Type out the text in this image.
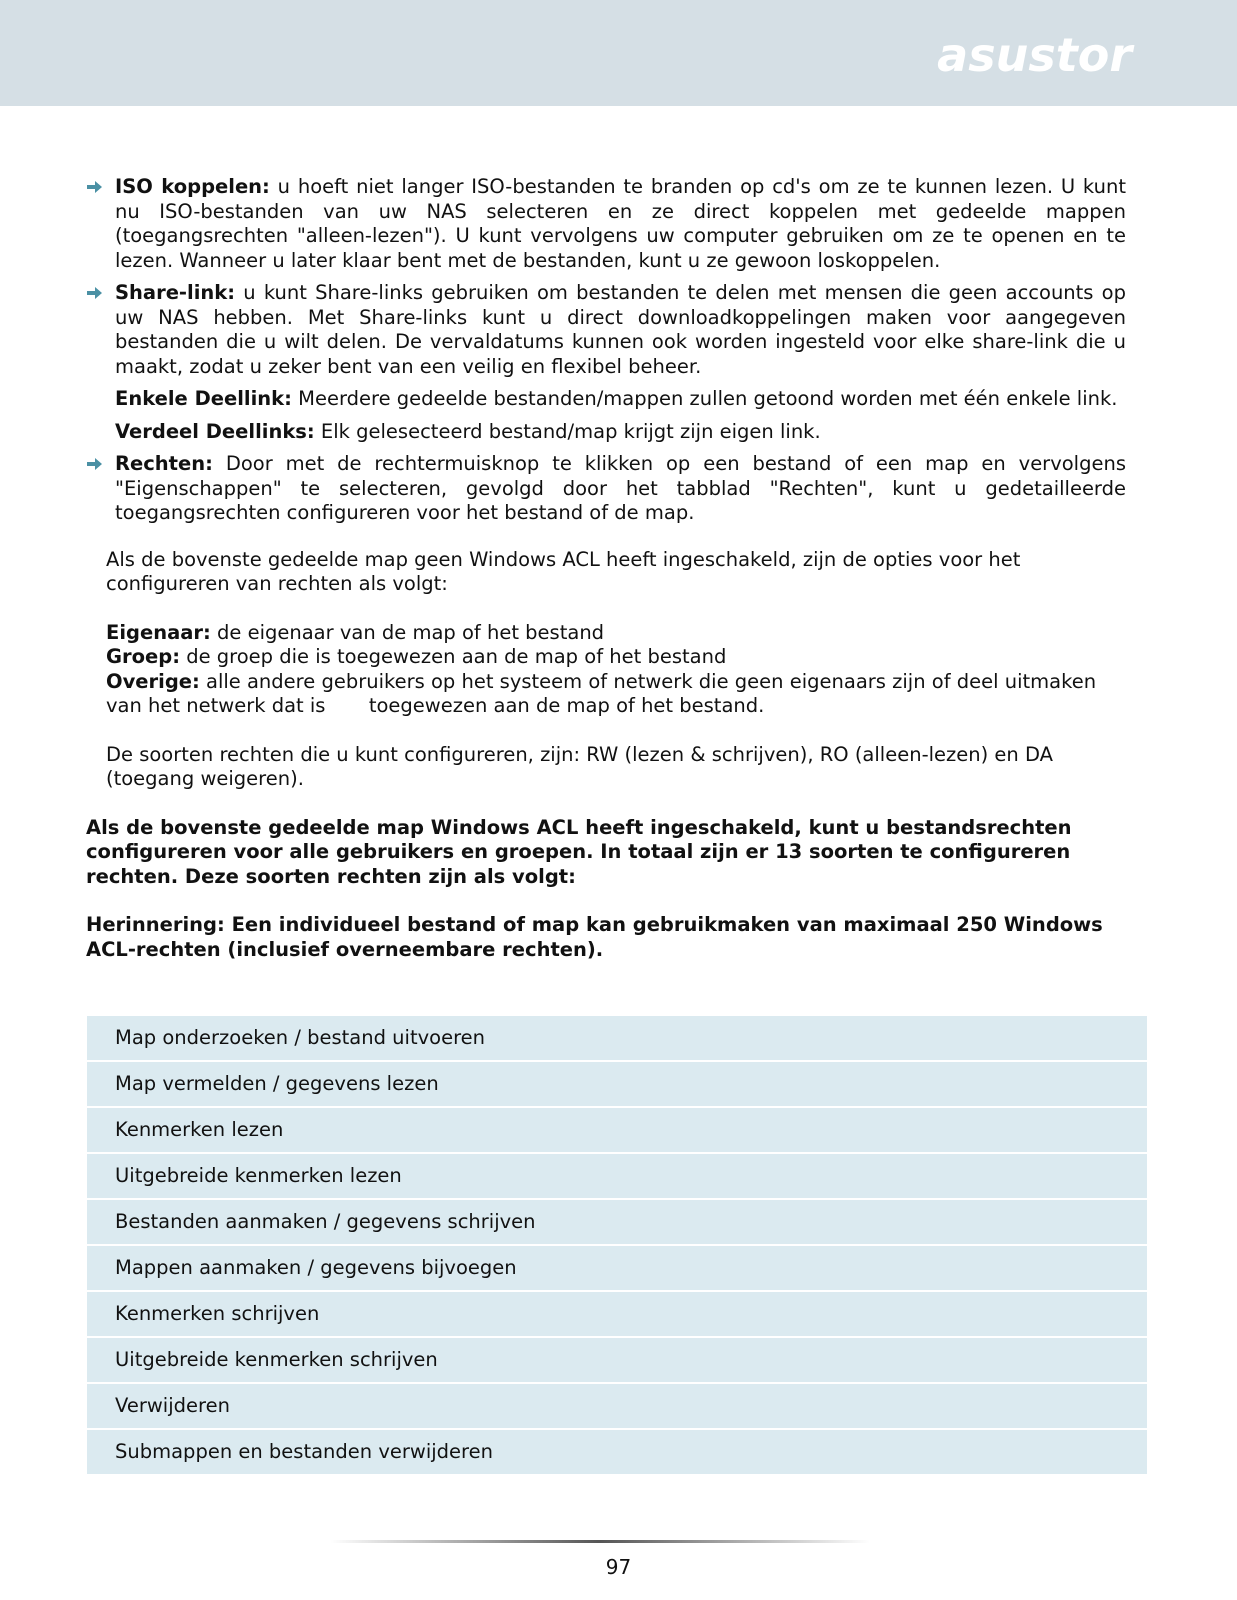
asustor
ISO koppelen: u hoeft niet langer ISO-bestanden te branden op cd's om ze te kunnen lezen. U kunt nu ISO-bestanden van uw NAS selecteren en ze direct koppelen met gedeelde mappen (toegangsrechten "alleen-lezen"). U kunt vervolgens uw computer gebruiken om ze te openen en te lezen. Wanneer u later klaar bent met de bestanden, kunt u ze gewoon loskoppelen.
Share-link: u kunt Share-links gebruiken om bestanden te delen met mensen die geen accounts op uw NAS hebben. Met Share-links kunt u direct downloadkoppelingen maken voor aangegeven bestanden die u wilt delen. De vervaldatums kunnen ook worden ingesteld voor elke share-link die u maakt, zodat u zeker bent van een veilig en flexibel beheer.
Enkele Deellink: Meerdere gedeelde bestanden/mappen zullen getoond worden met één enkele link.
Verdeel Deellinks: Elk gelesecteerd bestand/map krijgt zijn eigen link.
Rechten: Door met de rechtermuisknop te klikken op een bestand of een map en vervolgens "Eigenschappen" te selecteren, gevolgd door het tabblad "Rechten", kunt u gedetailleerde toegangsrechten configureren voor het bestand of de map.
Als de bovenste gedeelde map geen Windows ACL heeft ingeschakeld, zijn de opties voor het configureren van rechten als volgt:
Eigenaar: de eigenaar van de map of het bestand
Groep: de groep die is toegewezen aan de map of het bestand
Overige: alle andere gebruikers op het systeem of netwerk die geen eigenaars zijn of deel uitmaken van het netwerk dat is       toegewezen aan de map of het bestand.
De soorten rechten die u kunt configureren, zijn: RW (lezen & schrijven), RO (alleen-lezen) en DA (toegang weigeren).
Als de bovenste gedeelde map Windows ACL heeft ingeschakeld, kunt u bestandsrechten configureren voor alle gebruikers en groepen. In totaal zijn er 13 soorten te configureren rechten. Deze soorten rechten zijn als volgt:
Herinnering: Een individueel bestand of map kan gebruikmaken van maximaal 250 Windows ACL-rechten (inclusief overneembare rechten).
Map onderzoeken / bestand uitvoeren
Map vermelden / gegevens lezen
Kenmerken lezen
Uitgebreide kenmerken lezen
Bestanden aanmaken / gegevens schrijven
Mappen aanmaken / gegevens bijvoegen
Kenmerken schrijven
Uitgebreide kenmerken schrijven
Verwijderen
Submappen en bestanden verwijderen
97
